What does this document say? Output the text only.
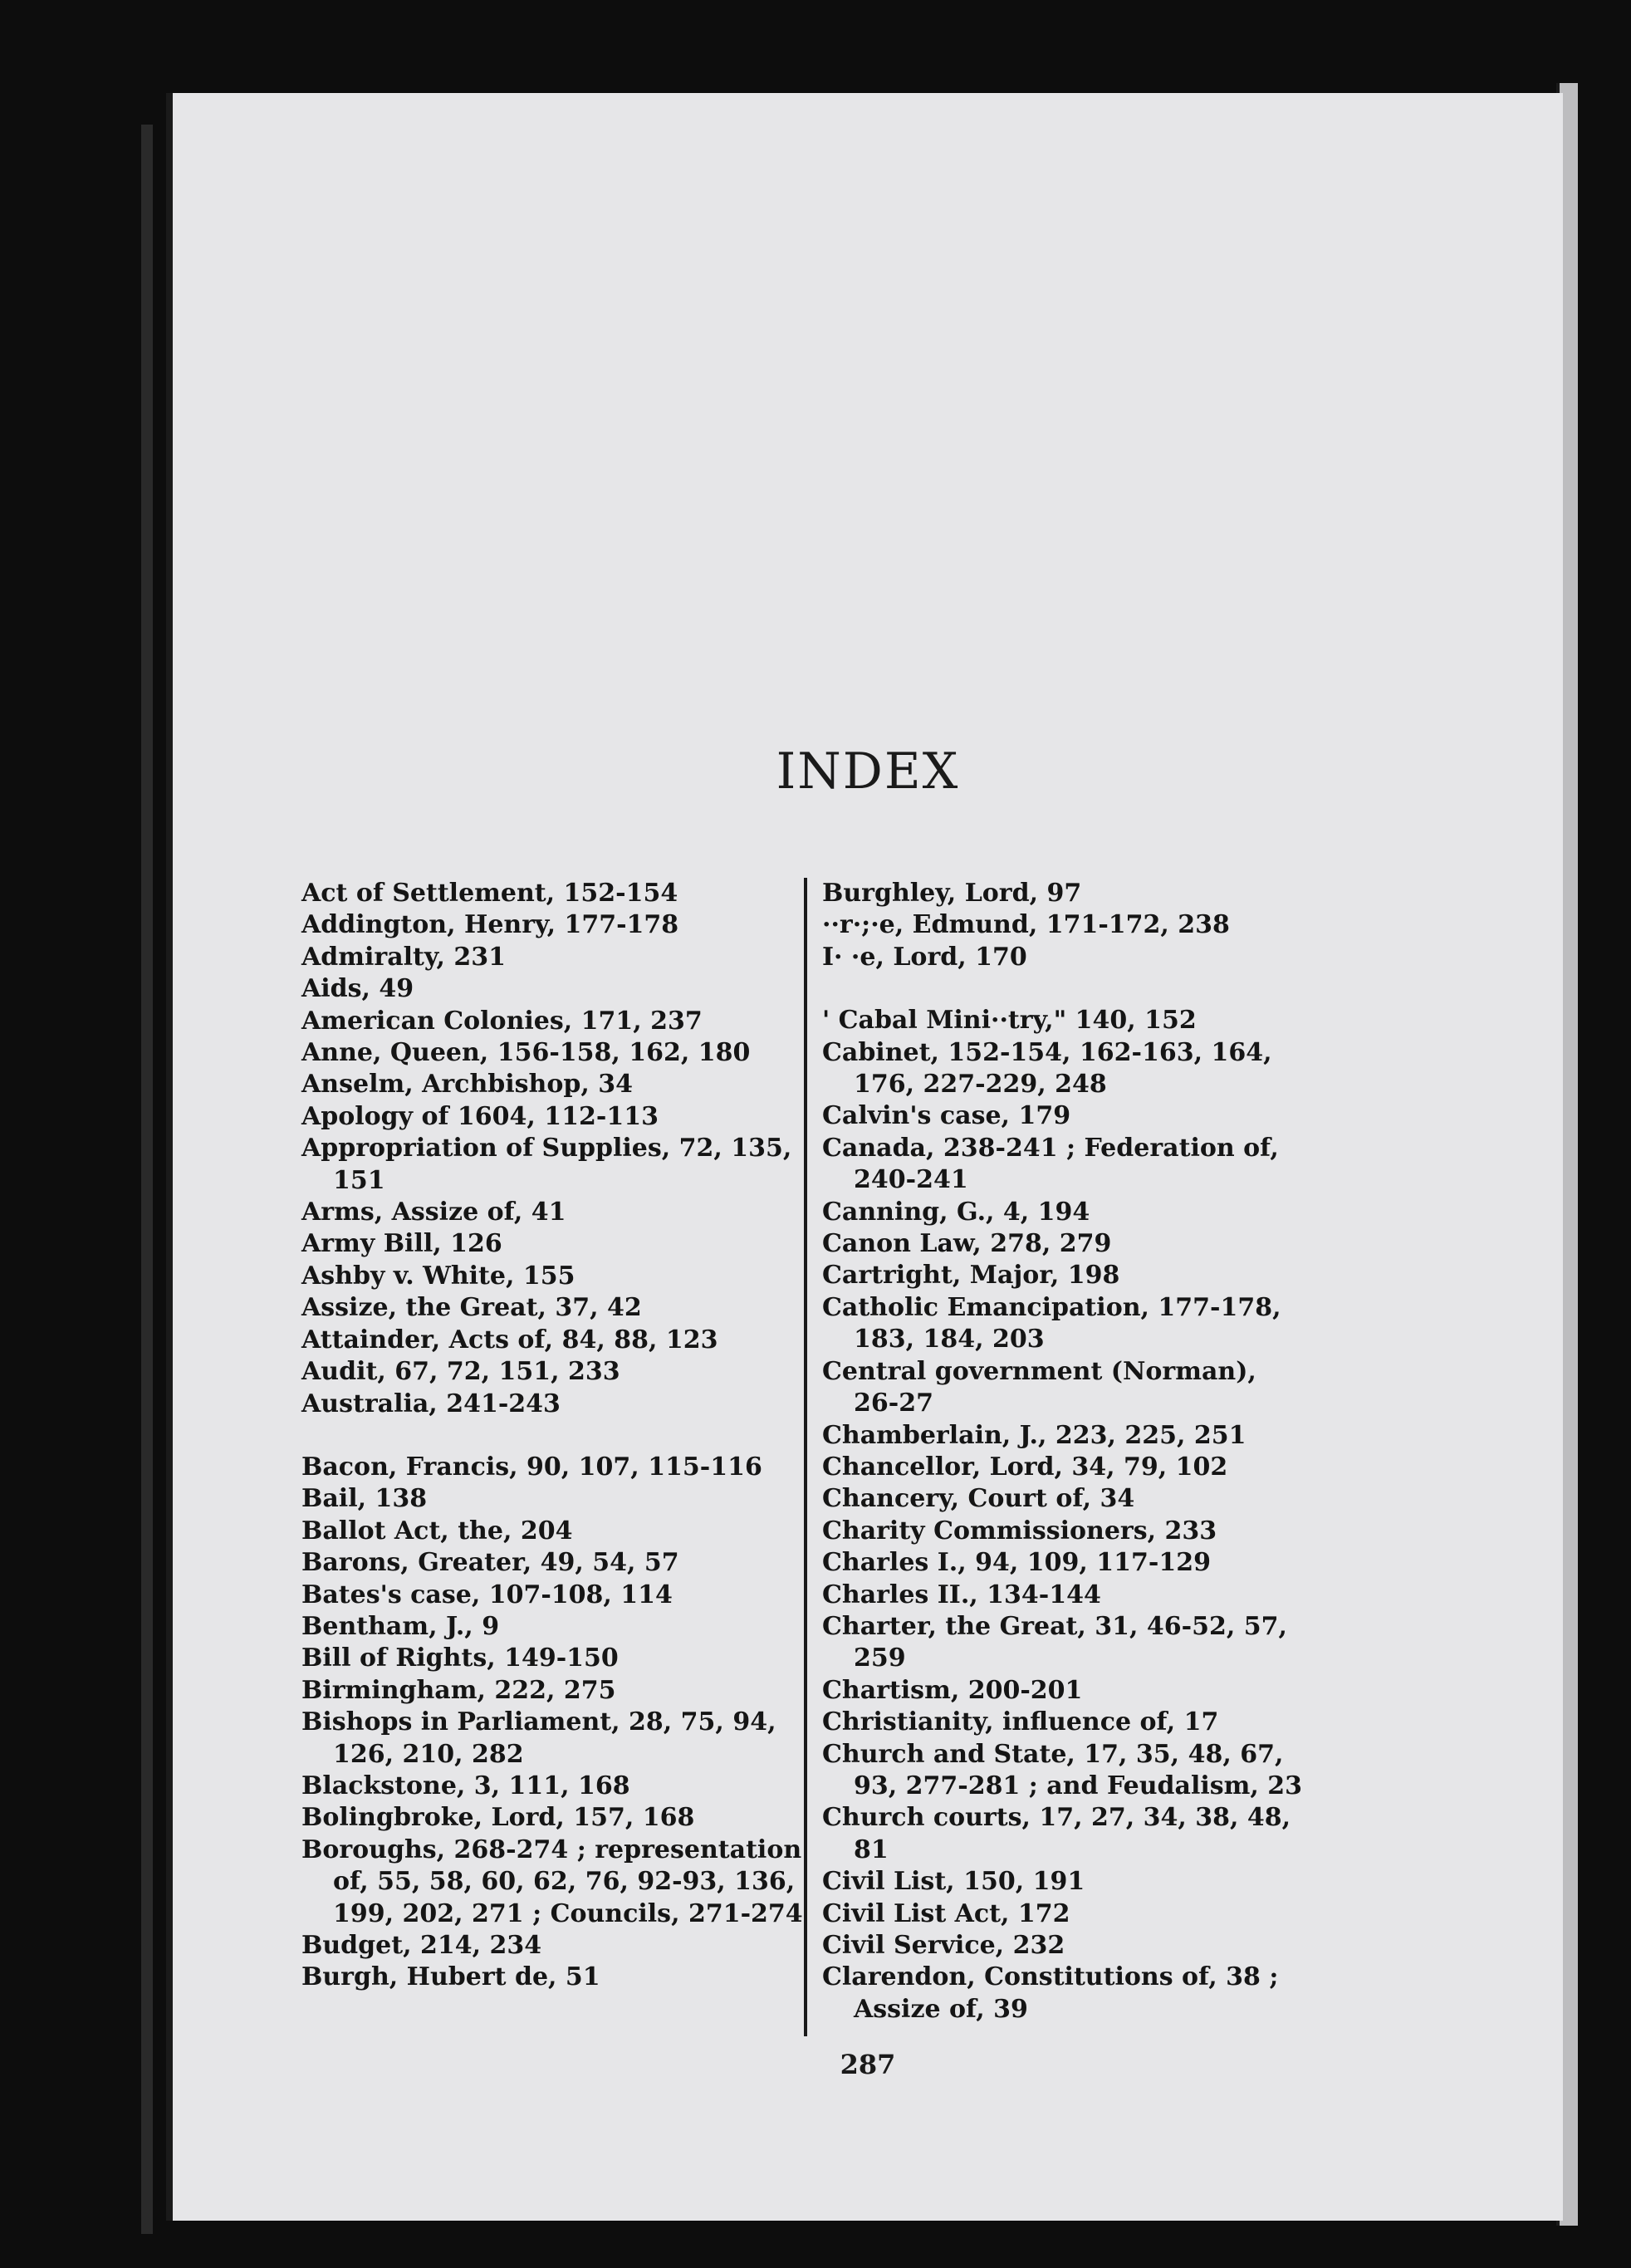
INDEX
Act of Settlement, 152-154
Addington, Henry, 177-178
Admiralty, 231
Aids, 49
American Colonies, 171, 237
Anne, Queen, 156-158, 162, 180
Anselm, Archbishop, 34
Apology of 1604, 112-113
Appropriation of Supplies, 72, 135, 151
Arms, Assize of, 41
Army Bill, 126
Ashby v. White, 155
Assize, the Great, 37, 42
Attainder, Acts of, 84, 88, 123
Audit, 67, 72, 151, 233
Australia, 241-243
Bacon, Francis, 90, 107, 115-116
Bail, 138
Ballot Act, the, 204
Barons, Greater, 49, 54, 57
Bates's case, 107-108, 114
Bentham, J., 9
Bill of Rights, 149-150
Birmingham, 222, 275
Bishops in Parliament, 28, 75, 94, 126, 210, 282
Blackstone, 3, 111, 168
Bolingbroke, Lord, 157, 168
Boroughs, 268-274 ; representation of, 55, 58, 60, 62, 76, 92-93, 136, 199, 202, 271 ; Councils, 271-274
Budget, 214, 234
Burgh, Hubert de, 51
Burghley, Lord, 97
··r·;·e, Edmund, 171-172, 238
I· ·e, Lord, 170
' Cabal Mini··try," 140, 152
Cabinet, 152-154, 162-163, 164, 176, 227-229, 248
Calvin's case, 179
Canada, 238-241 ; Federation of, 240-241
Canning, G., 4, 194
Canon Law, 278, 279
Cartright, Major, 198
Catholic Emancipation, 177-178, 183, 184, 203
Central government (Norman), 26-27
Chamberlain, J., 223, 225, 251
Chancellor, Lord, 34, 79, 102
Chancery, Court of, 34
Charity Commissioners, 233
Charles I., 94, 109, 117-129
Charles II., 134-144
Charter, the Great, 31, 46-52, 57, 259
Chartism, 200-201
Christianity, influence of, 17
Church and State, 17, 35, 48, 67, 93, 277-281 ; and Feudalism, 23
Church courts, 17, 27, 34, 38, 48, 81
Civil List, 150, 191
Civil List Act, 172
Civil Service, 232
Clarendon, Constitutions of, 38 ; Assize of, 39
287
